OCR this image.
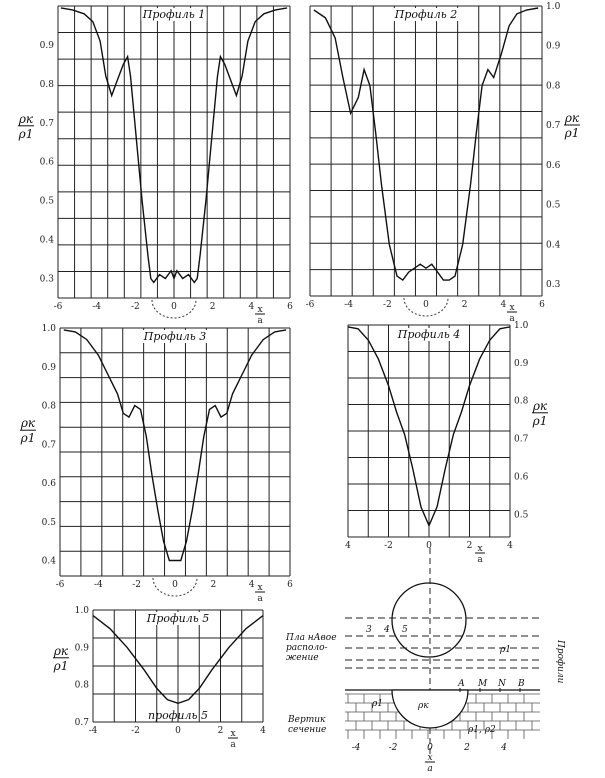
Профиль 1
0.3
0.4
0.5
0.6
0.7
0.8
0.9
-6	-4	-2	0	2	4	6
x
a
ρк
ρ1
Профиль 2
1.0
0.9
0.8
0.7
0.6
0.5
0.4
0.3
-6	-4	-2	0	2	4	6
x
a
ρк
ρ1
Профиль 3
1.0
0.9
0.8
0.7
0.6
0.5
0.4
-6	-4	-2	0	2	4	6
x
a
ρк
ρ1
Профиль 4
1.0
0.9
0.8
0.7
0.6
0.5
4	-2	0	2	4
x
a
ρк
ρ1
Профиль 5
1.0
0.9
0.8
0.7
-4	-2	0	2	4
x
a
ρк
ρ1
профиль 5
3 4 5
ρ1
Пла нАвое
располо-
жение	Профили
ρк
ρ1
ρ1, ρ2
А М N B
Вертик
сечение
-4	-2	0	2	4
x
a
